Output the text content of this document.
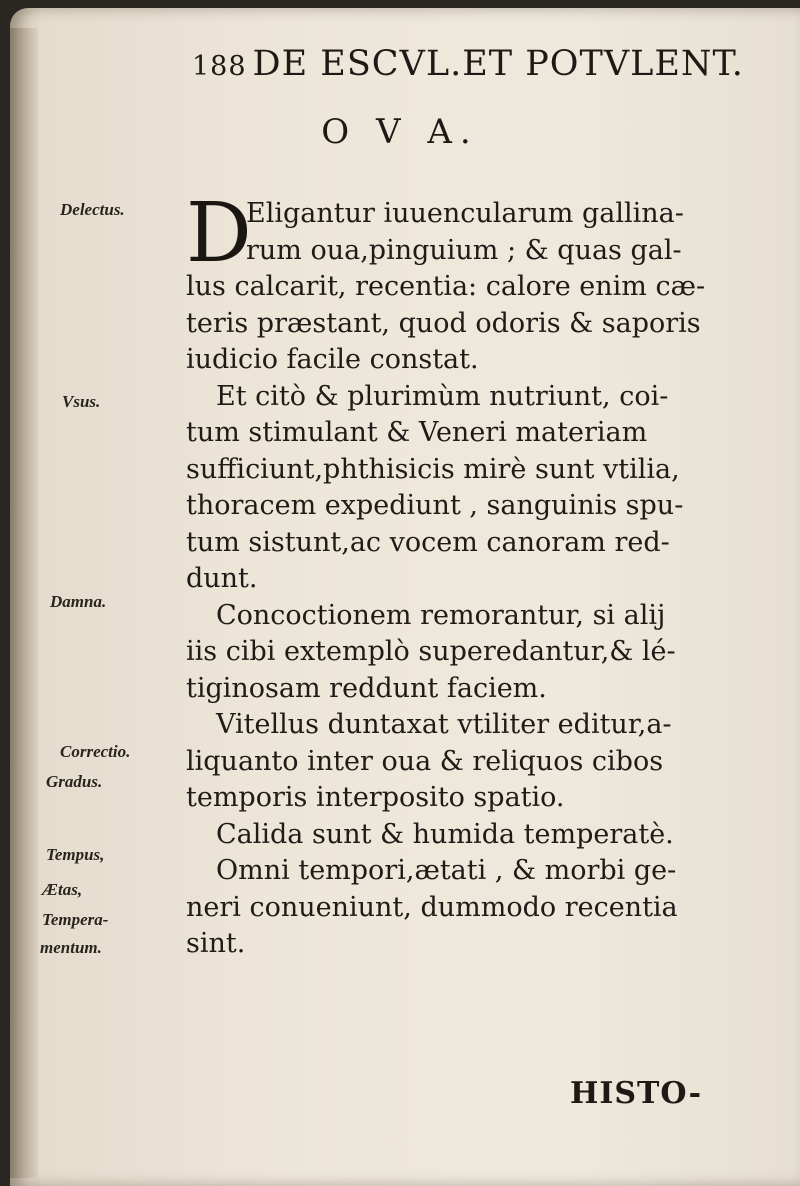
188 DE ESCVL.ET POTVLENT.
O V A.
Delectus.
Vsus.
Damna.
Correctio.
Gradus.
Tempus,
Ætas,
Tempera-
mentum.
D
Eligantur iuuencularum gallina-
rum oua,pinguium ; & quas gal-
lus calcarit, recentia: calore enim cæ-
teris præstant, quod odoris & saporis
iudicio facile constat.
Et citò & plurimùm nutriunt, coi-
tum stimulant & Veneri materiam
sufficiunt,phthisicis mirè sunt vtilia,
thoracem expediunt , sanguinis spu-
tum sistunt,ac vocem canoram red-
dunt.
Concoctionem remorantur, si alij
iis cibi extemplò superedantur,& lé-
tiginosam reddunt faciem.
Vitellus duntaxat vtiliter editur,a-
liquanto inter oua & reliquos cibos
temporis interposito spatio.
Calida sunt & humida temperatè.
Omni tempori,ætati , & morbi ge-
neri conueniunt, dummodo recentia
sint.
HISTO-
